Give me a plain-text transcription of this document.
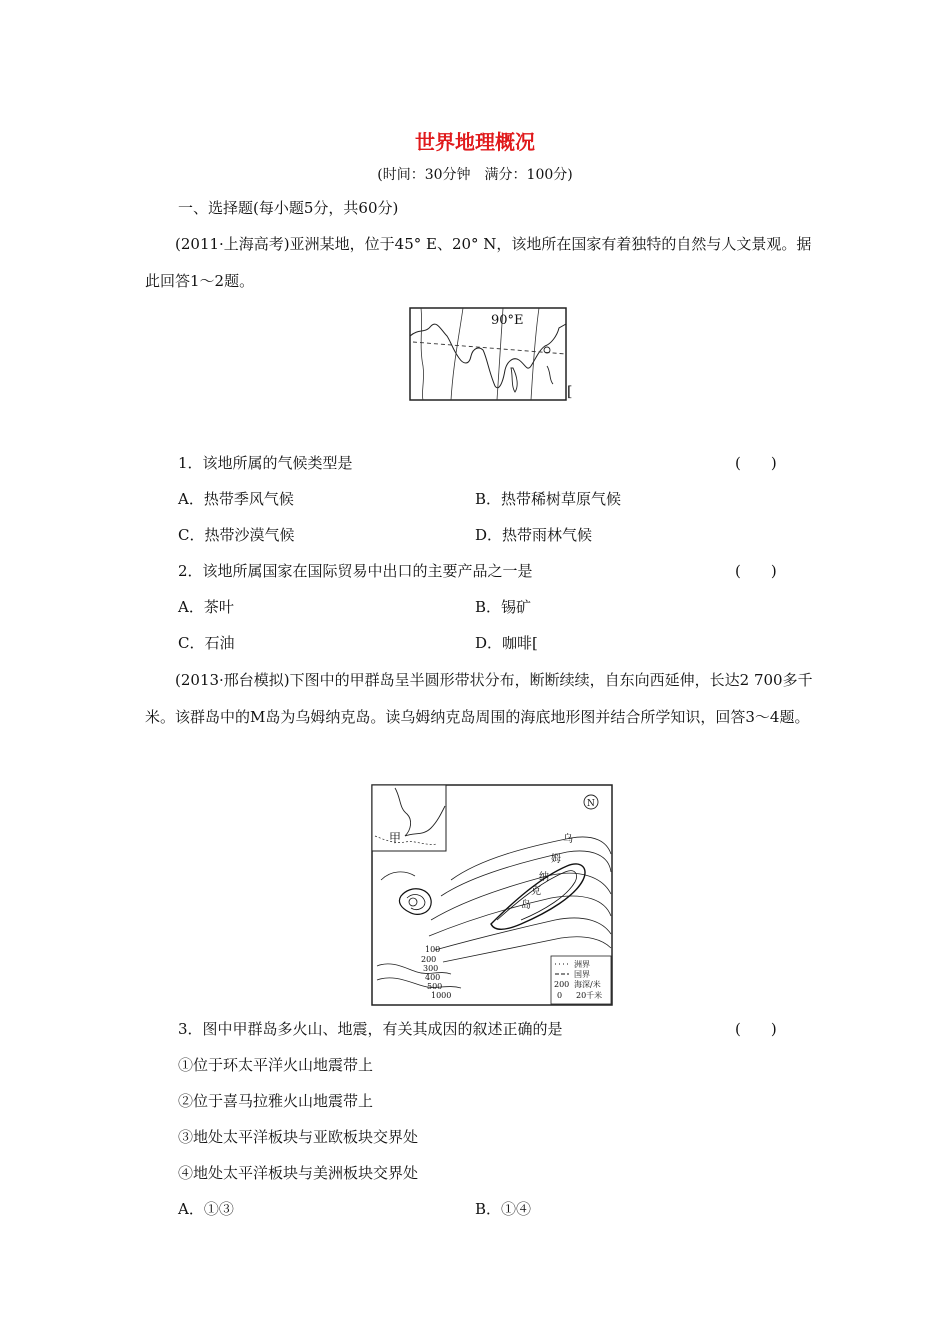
世界地理概况
(时间：30分钟　满分：100分)
一、选择题(每小题5分，共60分)
(2011·上海高考)亚洲某地，位于45° E、20° N，该地所在国家有着独特的自然与人文景观。据此回答1～2题。
90°E
[
1．该地所属的气候类型是	(　　)
A．热带季风气候	B．热带稀树草原气候
C．热带沙漠气候	D．热带雨林气候
2．该地所属国家在国际贸易中出口的主要产品之一是	(　　)
A．茶叶	B．锡矿
C．石油	D．咖啡[
(2013·邢台模拟)下图中的甲群岛呈半圆形带状分布，断断续续，自东向西延伸，长达2 700多千米。该群岛中的M岛为乌姆纳克岛。读乌姆纳克岛周围的海底地形图并结合所学知识，回答3～4题。
甲
N
乌
姆
纳
克
岛
100
200
300
400
500
1000
洲界
国界
200 海深/米
0 20千米
3．图中甲群岛多火山、地震，有关其成因的叙述正确的是	(　　)
①位于环太平洋火山地震带上
②位于喜马拉雅火山地震带上
③地处太平洋板块与亚欧板块交界处
④地处太平洋板块与美洲板块交界处
A．①③	B．①④
